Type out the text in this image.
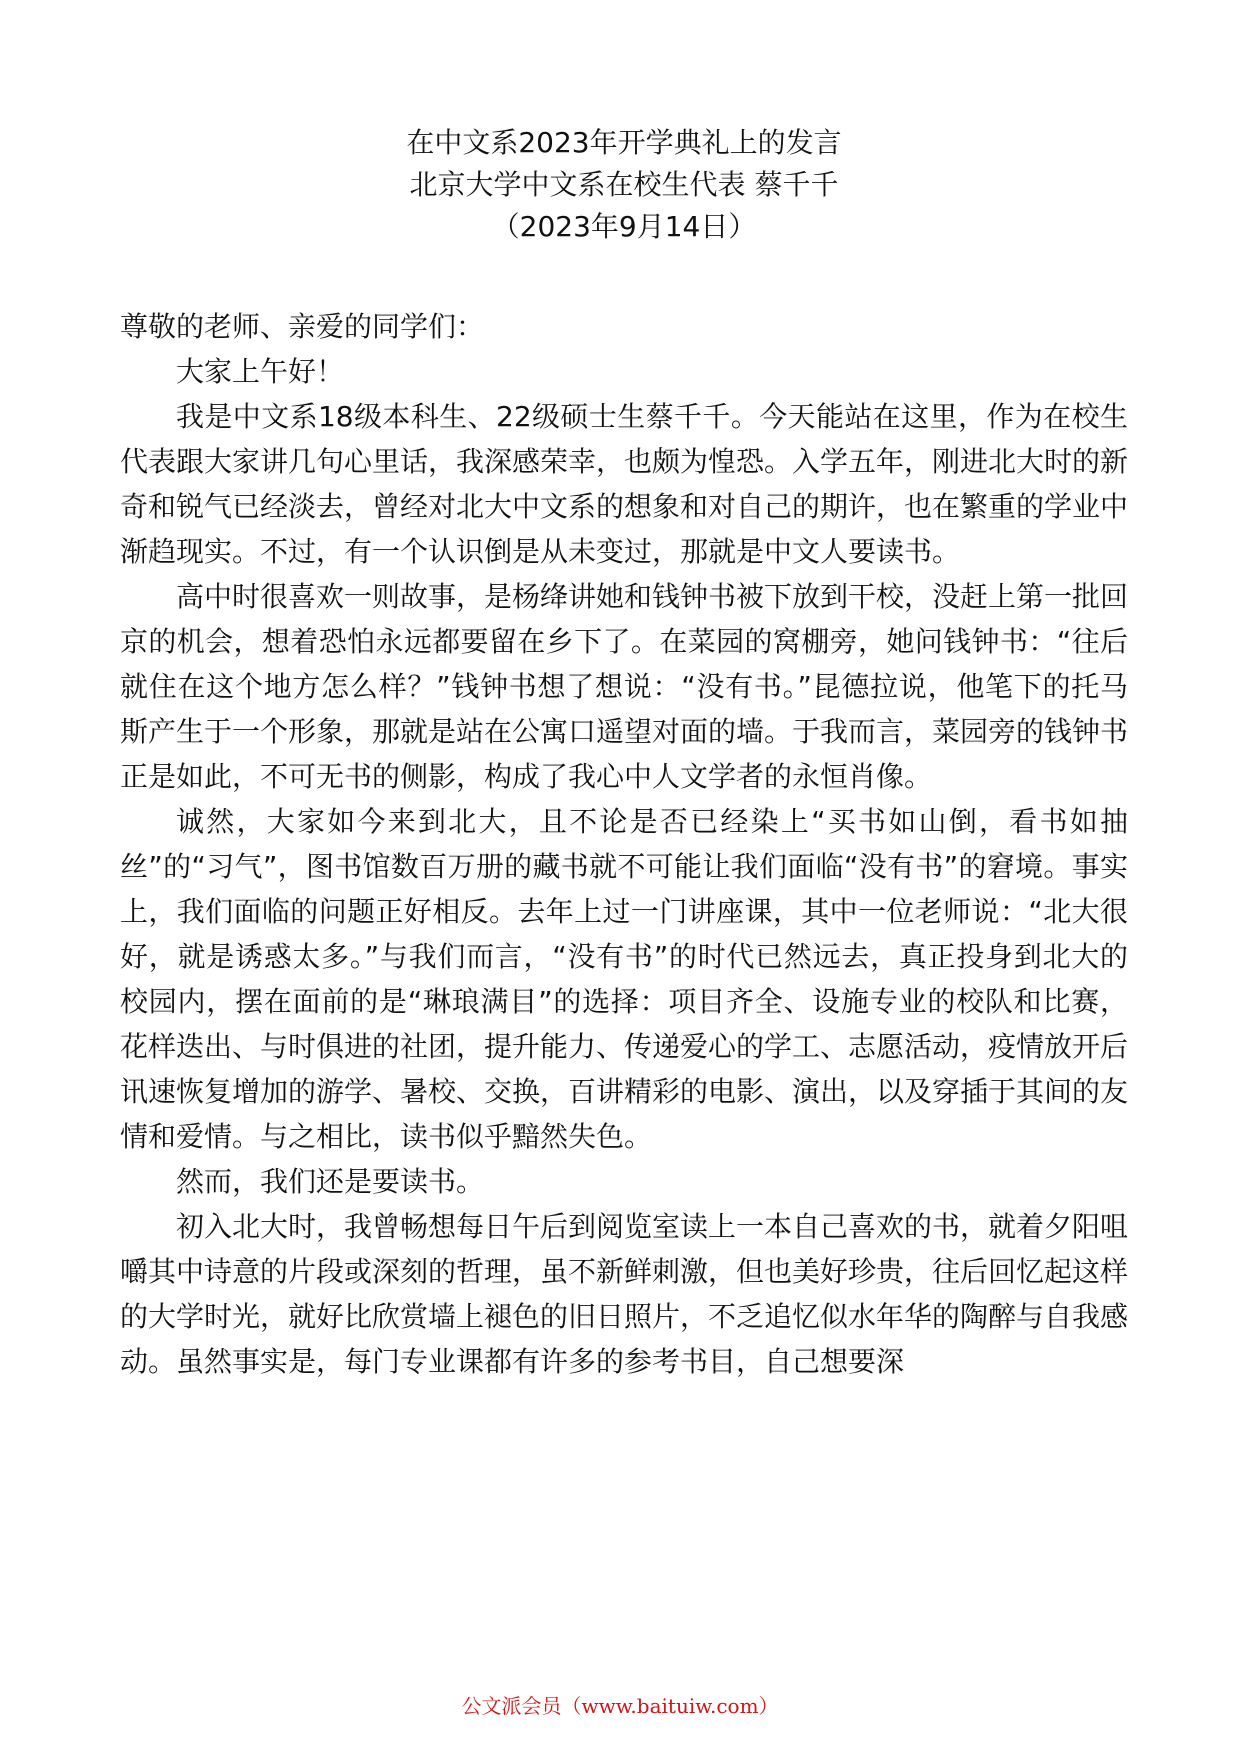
在中文系2023年开学典礼上的发言
北京大学中文系在校生代表 蔡千千
（2023年9月14日）

尊敬的老师、亲爱的同学们：

大家上午好！

我是中文系18级本科生、22级硕士生蔡千千。今天能站在这里，作为在校生代表跟大家讲几句心里话，我深感荣幸，也颇为惶恐。入学五年，刚进北大时的新奇和锐气已经淡去，曾经对北大中文系的想象和对自己的期许，也在繁重的学业中渐趋现实。不过，有一个认识倒是从未变过，那就是中文人要读书。

高中时很喜欢一则故事，是杨绛讲她和钱钟书被下放到干校，没赶上第一批回京的机会，想着恐怕永远都要留在乡下了。在菜园的窝棚旁，她问钱钟书：“往后就住在这个地方怎么样？”钱钟书想了想说：“没有书。”昆德拉说，他笔下的托马斯产生于一个形象，那就是站在公寓口遥望对面的墙。于我而言，菜园旁的钱钟书正是如此，不可无书的侧影，构成了我心中人文学者的永恒肖像。

诚然，大家如今来到北大，且不论是否已经染上“买书如山倒，看书如抽丝”的“习气”，图书馆数百万册的藏书就不可能让我们面临“没有书”的窘境。事实上，我们面临的问题正好相反。去年上过一门讲座课，其中一位老师说：“北大很好，就是诱惑太多。”与我们而言，“没有书”的时代已然远去，真正投身到北大的校园内，摆在面前的是“琳琅满目”的选择：项目齐全、设施专业的校队和比赛，花样迭出、与时俱进的社团，提升能力、传递爱心的学工、志愿活动，疫情放开后讯速恢复增加的游学、暑校、交换，百讲精彩的电影、演出，以及穿插于其间的友情和爱情。与之相比，读书似乎黯然失色。

然而，我们还是要读书。

初入北大时，我曾畅想每日午后到阅览室读上一本自己喜欢的书，就着夕阳咀嚼其中诗意的片段或深刻的哲理，虽不新鲜刺激，但也美好珍贵，往后回忆起这样的大学时光，就好比欣赏墙上褪色的旧日照片，不乏追忆似水年华的陶醉与自我感动。虽然事实是，每门专业课都有许多的参考书目，自己想要深

公文派会员（www.baituiw.com）
